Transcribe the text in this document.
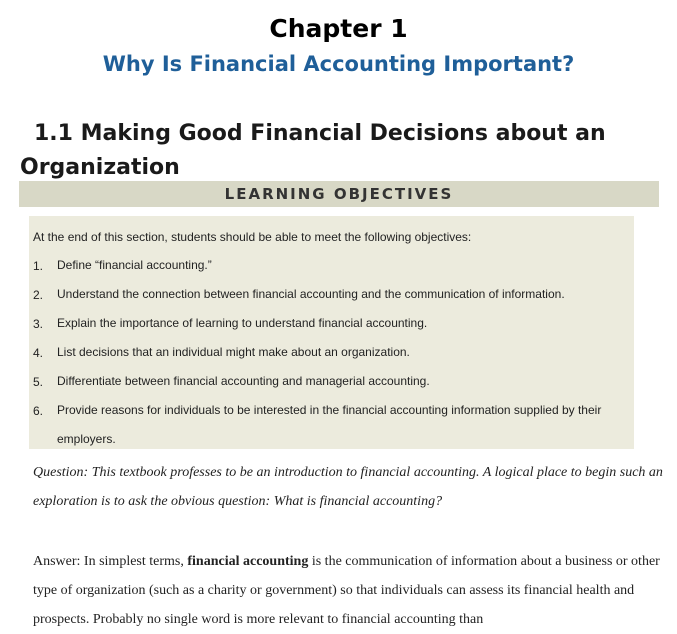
Chapter 1
Why Is Financial Accounting Important?
1.1 Making Good Financial Decisions about an
Organization
LEARNING OBJECTIVES
At the end of this section, students should be able to meet the following objectives:
1. Define “financial accounting.”
2. Understand the connection between financial accounting and the communication of information.
3. Explain the importance of learning to understand financial accounting.
4. List decisions that an individual might make about an organization.
5. Differentiate between financial accounting and managerial accounting.
6. Provide reasons for individuals to be interested in the financial accounting information supplied by their employers.
Question: This textbook professes to be an introduction to financial accounting. A logical place to begin such an exploration is to ask the obvious question: What is financial accounting?
Answer: In simplest terms, financial accounting is the communication of information about a business or other type of organization (such as a charity or government) so that individuals can assess its financial health and prospects. Probably no single word is more relevant to financial accounting than
